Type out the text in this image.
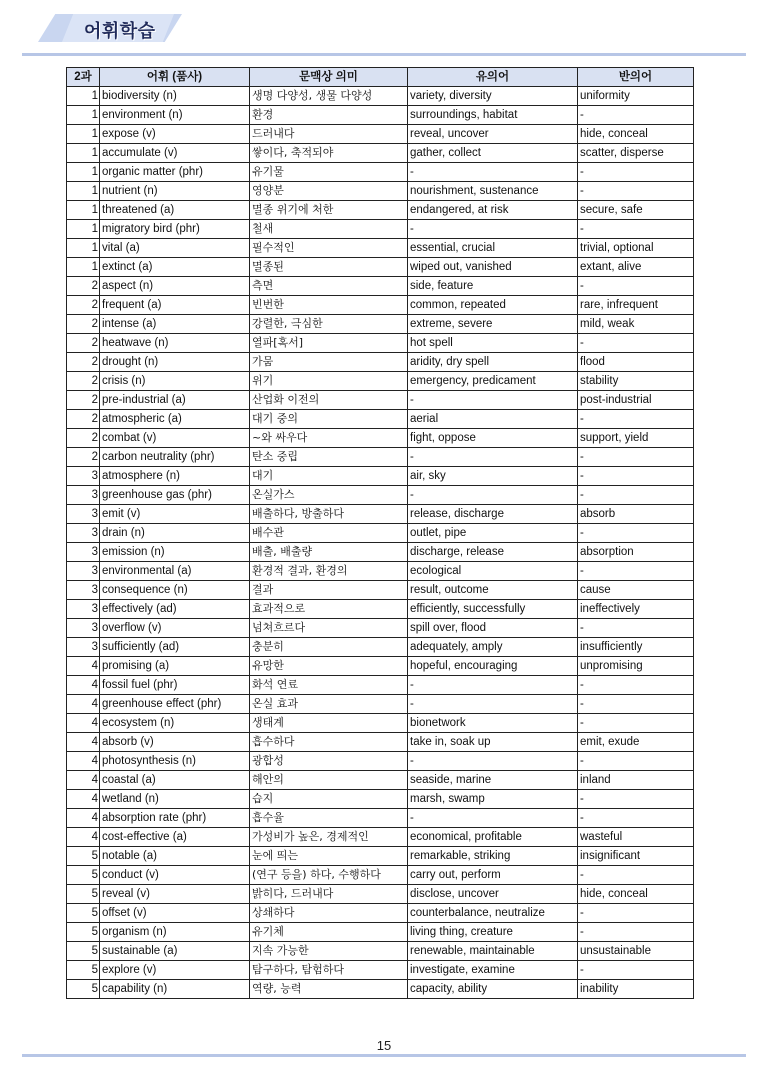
어휘학습
2과	어휘 (품사)	문맥상 의미	유의어	반의어
1	biodiversity (n)	생명 다양성, 생물 다양성	variety, diversity	uniformity
1	environment (n)	환경	surroundings, habitat	-
1	expose (v)	드러내다	reveal, uncover	hide, conceal
1	accumulate (v)	쌓이다, 축적되야	gather, collect	scatter, disperse
1	organic matter (phr)	유기물	-	-
1	nutrient (n)	영양분	nourishment, sustenance	-
1	threatened (a)	멸종 위기에 처한	endangered, at risk	secure, safe
1	migratory bird (phr)	철새	-	-
1	vital (a)	필수적인	essential, crucial	trivial, optional
1	extinct (a)	멸종된	wiped out, vanished	extant, alive
2	aspect (n)	측면	side, feature	-
2	frequent (a)	빈번한	common, repeated	rare, infrequent
2	intense (a)	강렬한, 극심한	extreme, severe	mild, weak
2	heatwave (n)	열파[혹서]	hot spell	-
2	drought (n)	가뭄	aridity, dry spell	flood
2	crisis (n)	위기	emergency, predicament	stability
2	pre-industrial (a)	산업화 이전의	-	post-industrial
2	atmospheric (a)	대기 중의	aerial	-
2	combat (v)	~와 싸우다	fight, oppose	support, yield
2	carbon neutrality (phr)	탄소 중립	-	-
3	atmosphere (n)	대기	air, sky	-
3	greenhouse gas (phr)	온실가스	-	-
3	emit (v)	배출하다, 방출하다	release, discharge	absorb
3	drain (n)	배수관	outlet, pipe	-
3	emission (n)	배출, 배출량	discharge, release	absorption
3	environmental (a)	환경적 결과, 환경의	ecological	-
3	consequence (n)	결과	result, outcome	cause
3	effectively (ad)	효과적으로	efficiently, successfully	ineffectively
3	overflow (v)	넘쳐흐르다	spill over, flood	-
3	sufficiently (ad)	충분히	adequately, amply	insufficiently
4	promising (a)	유망한	hopeful, encouraging	unpromising
4	fossil fuel (phr)	화석 연료	-	-
4	greenhouse effect (phr)	온실 효과	-	-
4	ecosystem (n)	생태계	bionetwork	-
4	absorb (v)	흡수하다	take in, soak up	emit, exude
4	photosynthesis (n)	광합성	-	-
4	coastal (a)	해안의	seaside, marine	inland
4	wetland (n)	습지	marsh, swamp	-
4	absorption rate (phr)	흡수율	-	-
4	cost-effective (a)	가성비가 높은, 경제적인	economical, profitable	wasteful
5	notable (a)	눈에 띄는	remarkable, striking	insignificant
5	conduct (v)	(연구 등을) 하다, 수행하다	carry out, perform	-
5	reveal (v)	밝히다, 드러내다	disclose, uncover	hide, conceal
5	offset (v)	상쇄하다	counterbalance, neutralize	-
5	organism (n)	유기체	living thing, creature	-
5	sustainable (a)	지속 가능한	renewable, maintainable	unsustainable
5	explore (v)	탐구하다, 탐험하다	investigate, examine	-
5	capability (n)	역량, 능력	capacity, ability	inability
15
